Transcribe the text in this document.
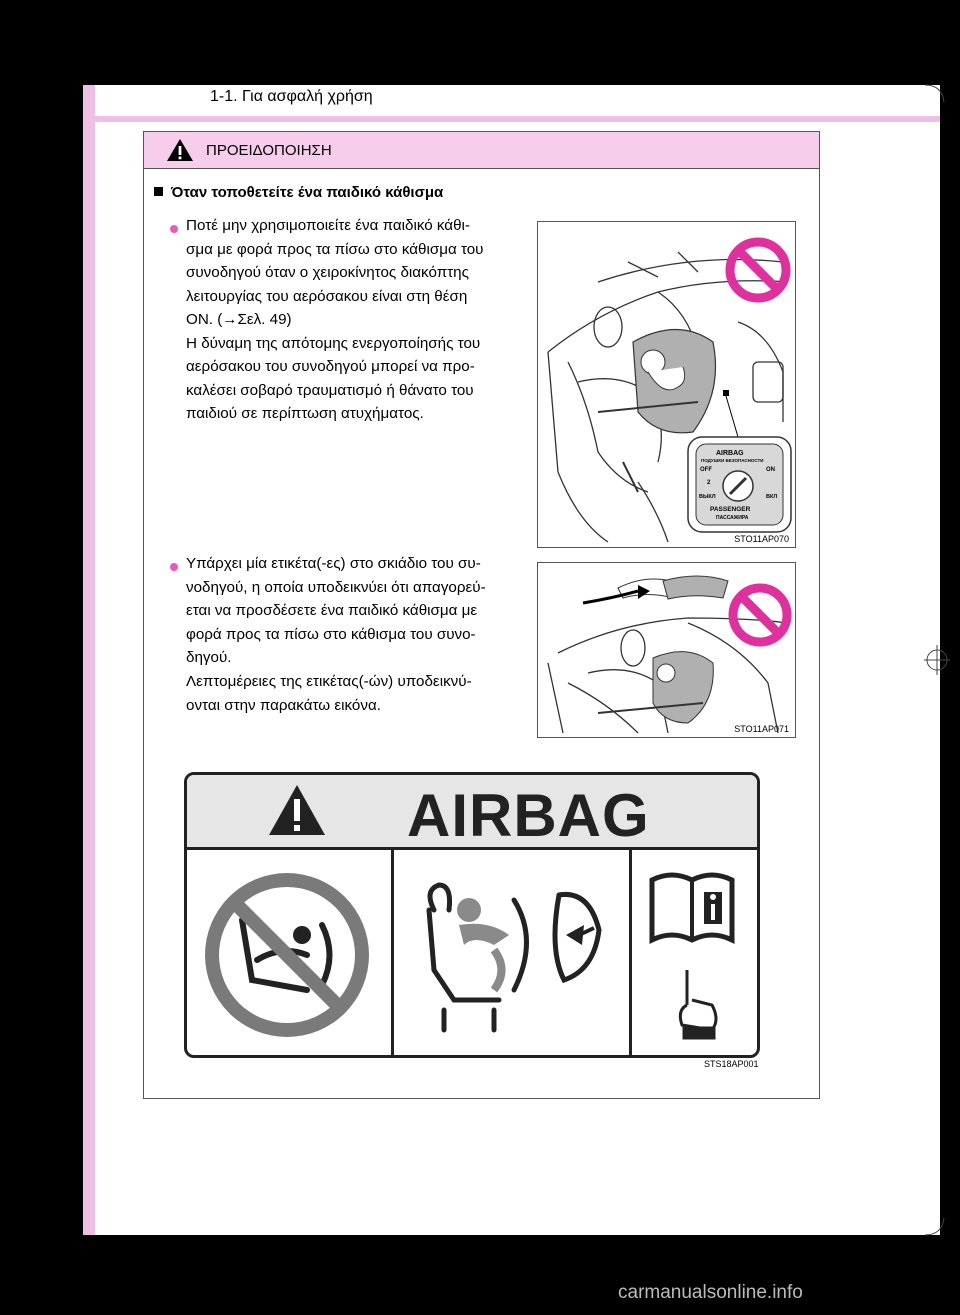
1-1. Για ασφαλή χρήση
ΠΡΟΕΙΔΟΠΟΙΗΣΗ
Όταν τοποθετείτε ένα παιδικό κάθισμα
Ποτέ μην χρησιμοποιείτε ένα παιδικό κάθι-
σμα με φορά προς τα πίσω στο κάθισμα του
συνοδηγού όταν ο χειροκίνητος διακόπτης
λειτουργίας του αερόσακου είναι στη θέση
ON. (→Σελ. 49)
Η δύναμη της απότομης ενεργοποίησής του
αερόσακου του συνοδηγού μπορεί να προ-
καλέσει σοβαρό τραυματισμό ή θάνατο του
παιδιού σε περίπτωση ατυχήματος.
AIRBAG
ПОДУШКИ БЕЗОПАСНОСТИ
OFF	ON
2
ВЫКЛ	ВКЛ
PASSENGER
ПАССАЖИРА
STO11AP070
Υπάρχει μία ετικέτα(-ες) στο σκιάδιο του συ-
νοδηγού, η οποία υποδεικνύει ότι απαγορεύ-
εται να προσδέσετε ένα παιδικό κάθισμα με
φορά προς τα πίσω στο κάθισμα του συνο-
δηγού.
Λεπτομέρειες της ετικέτας(-ών) υποδεικνύ-
ονται στην παρακάτω εικόνα.
STO11AP071
AIRBAG
STS18AP001
carmanualsonline.info
